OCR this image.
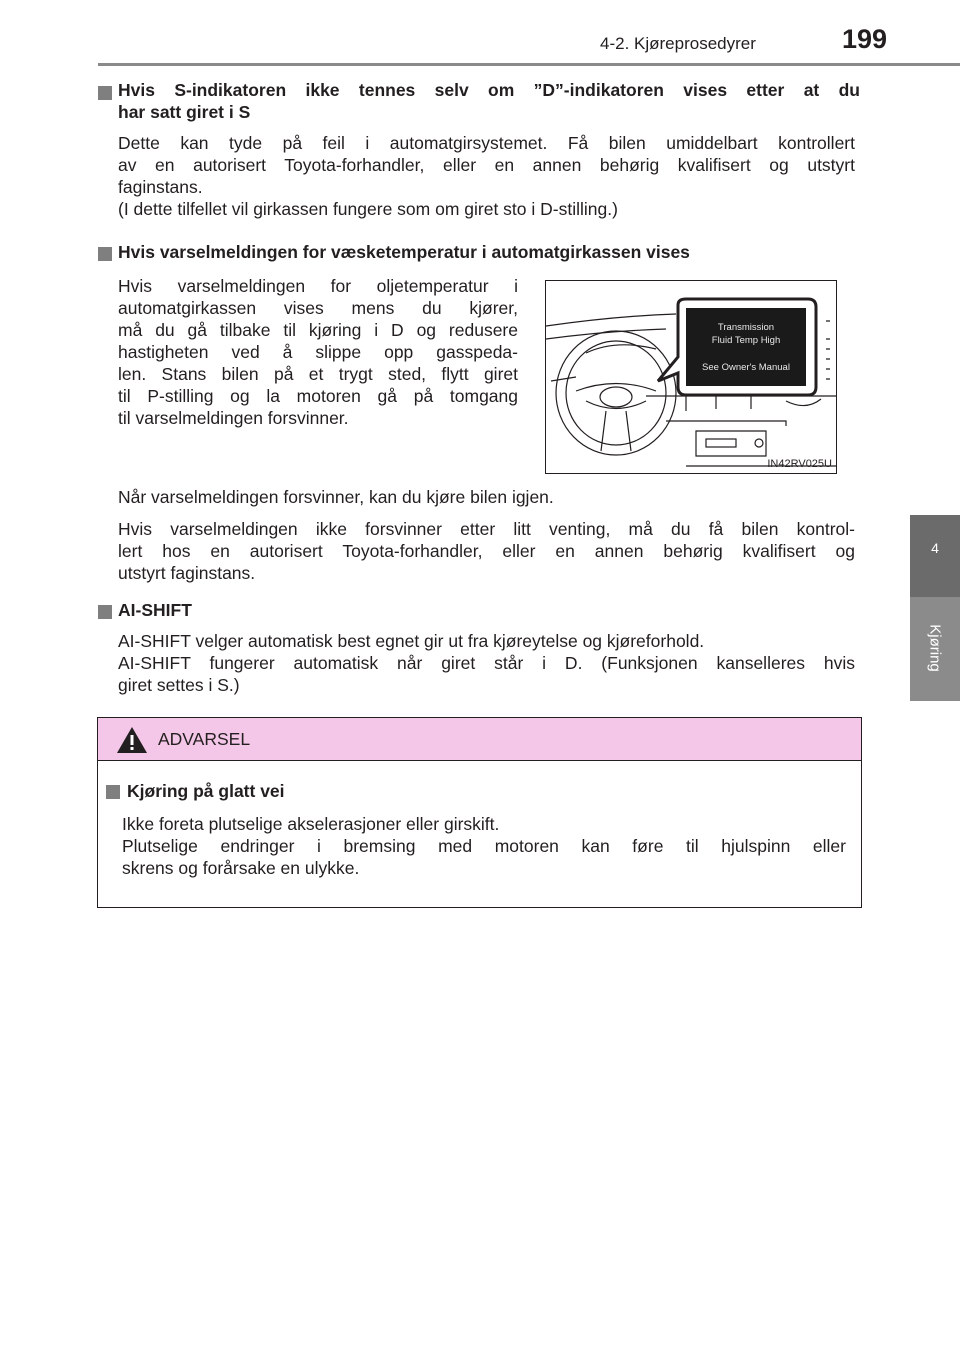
4-2. Kjøreprosedyrer	199
4
Kjøring
Hvis S-indikatoren ikke tennes selv om ”D”-indikatoren vises etter at du
har satt giret i S
Dette kan tyde på feil i automatgirsystemet. Få bilen umiddelbart kontrollert
av en autorisert Toyota-forhandler, eller en annen behørig kvalifisert og utstyrt
faginstans.
(I dette tilfellet vil girkassen fungere som om giret sto i D-stilling.)
Hvis varselmeldingen for væsketemperatur i automatgirkassen vises
Hvis varselmeldingen for oljetemperatur i
automatgirkassen vises mens du kjører,
må du gå tilbake til kjøring i D og redusere
hastigheten ved å slippe opp gasspeda-
len. Stans bilen på et trygt sted, flytt giret
til P-stilling og la motoren gå på tomgang
til varselmeldingen forsvinner.
Transmission
Fluid Temp High
See Owner's Manual
IN42RV025U
Når varselmeldingen forsvinner, kan du kjøre bilen igjen.
Hvis varselmeldingen ikke forsvinner etter litt venting, må du få bilen kontrol-
lert hos en autorisert Toyota-forhandler, eller en annen behørig kvalifisert og
utstyrt faginstans.
AI-SHIFT
AI-SHIFT velger automatisk best egnet gir ut fra kjøreytelse og kjøreforhold.
AI-SHIFT fungerer automatisk når giret står i D. (Funksjonen kanselleres hvis
giret settes i S.)
ADVARSEL
Kjøring på glatt vei
Ikke foreta plutselige akselerasjoner eller girskift.
Plutselige endringer i bremsing med motoren kan føre til hjulspinn eller
skrens og forårsake en ulykke.
